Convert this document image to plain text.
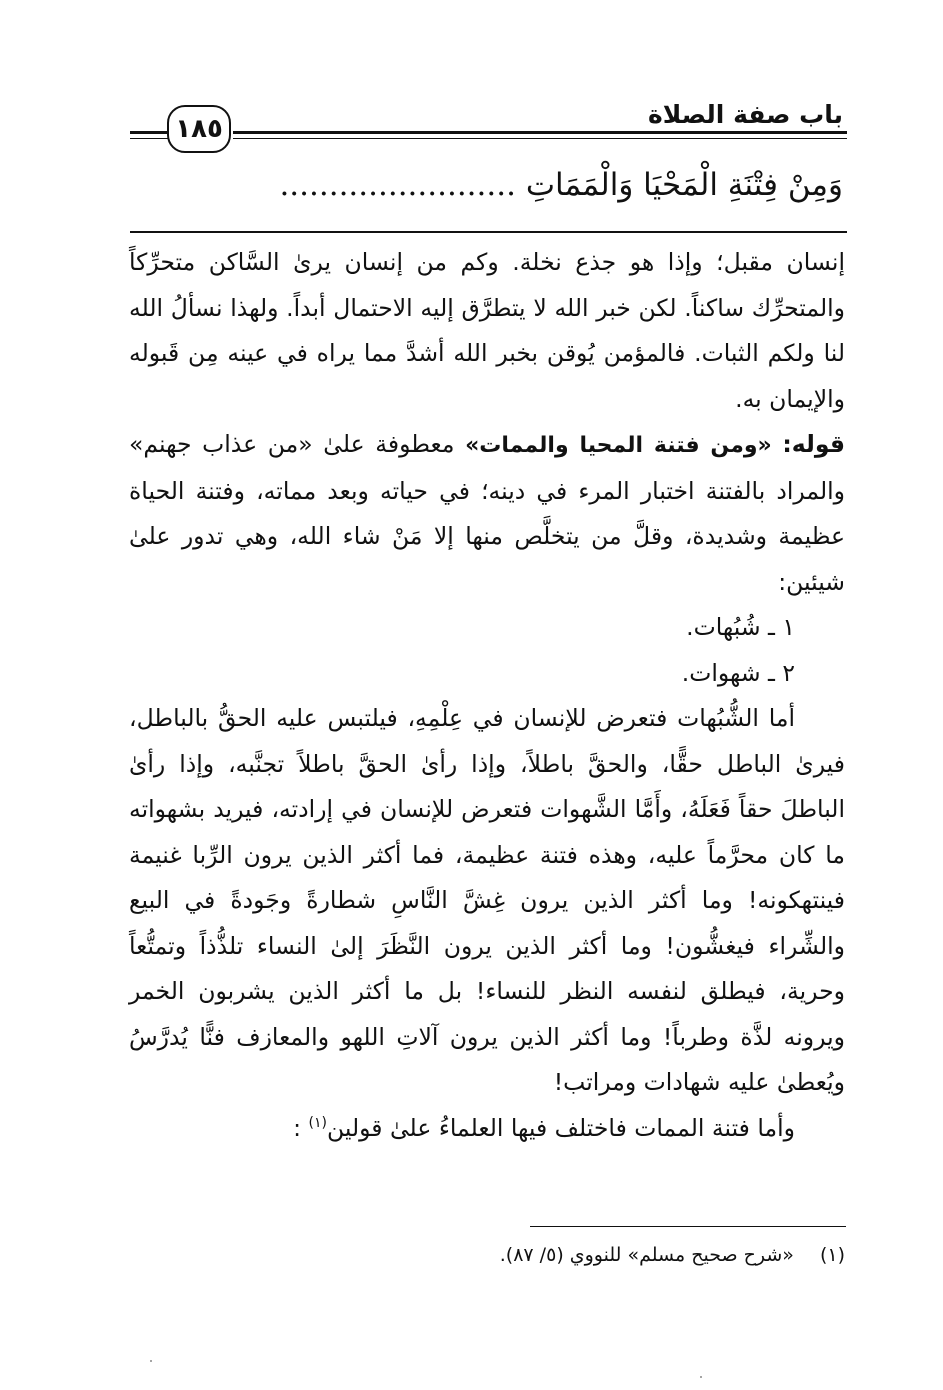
باب صفة الصلاة
١٨٥
وَمِنْ فِتْنَةِ الْمَحْيَا وَالْمَمَاتِ ........................

إنسان مقبل؛ وإذا هو جذع نخلة. وكم من إنسان يرىٰ السَّاكن متحرِّكاً والمتحرِّك ساكناً. لكن خبر الله لا يتطرَّق إليه الاحتمال أبداً. ولهذا نسألُ الله لنا ولكم الثبات. فالمؤمن يُوقن بخبر الله أشدَّ مما يراه في عينه مِن قَبوله والإيمان به.

قوله: «ومن فتنة المحيا والممات» معطوفة علىٰ «من عذاب جهنم» والمراد بالفتنة اختبار المرء في دينه؛ في حياته وبعد مماته، وفتنة الحياة عظيمة وشديدة، وقلَّ من يتخلَّص منها إلا مَنْ شاء الله، وهي تدور علىٰ شيئين:

١ ـ شُبُهات.

٢ ـ شهوات.

أما الشُّبُهات فتعرض للإنسان في عِلْمِهِ، فيلتبس عليه الحقُّ بالباطل، فيرىٰ الباطل حقًّا، والحقَّ باطلاً، وإذا رأىٰ الحقَّ باطلاً تجنَّبه، وإذا رأىٰ الباطلَ حقاً فَعَلَهُ، وأَمَّا الشَّهوات فتعرض للإنسان في إرادته، فيريد بشهواته ما كان محرَّماً عليه، وهذه فتنة عظيمة، فما أكثر الذين يرون الرِّبا غنيمة فينتهكونه! وما أكثر الذين يرون غِشَّ النَّاسِ شطارةً وجَودةً في البيع والشِّراء فيغشُّون! وما أكثر الذين يرون النَّظَرَ إلىٰ النساء تلذُّذاً وتمتُّعاً وحرية، فيطلق لنفسه النظر للنساء! بل ما أكثر الذين يشربون الخمر ويرونه لذَّة وطرباً! وما أكثر الذين يرون آلاتِ اللهو والمعازف فنًّا يُدرَّسُ ويُعطىٰ عليه شهادات ومراتب!

وأما فتنة الممات فاختلف فيها العلماءُ علىٰ قولين$^{(١)}$ :

(١)«شرح صحيح مسلم» للنووي (٥/ ٨٧).
